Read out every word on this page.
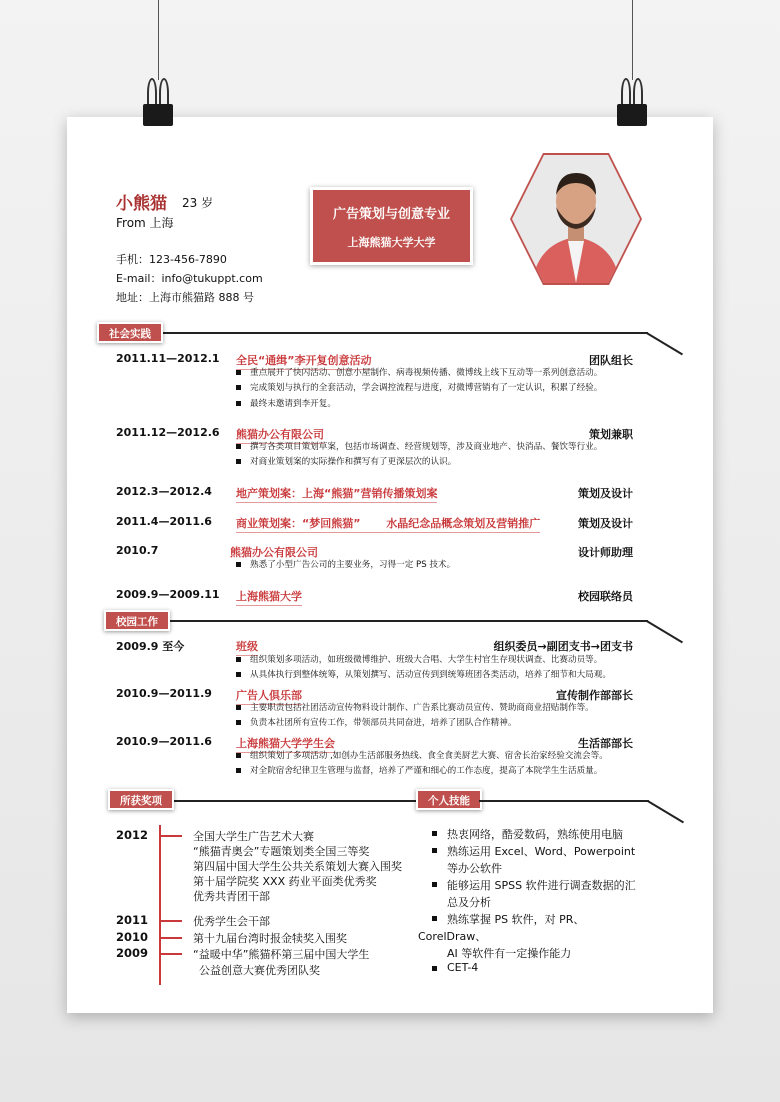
小熊猫 23 岁
From 上海
手机：123-456-7890
E-mail：info@tukuppt.com
地址：上海市熊猫路 888 号
广告策划与创意专业
上海熊猫大学大学
社会实践
2011.11—2012.1 全民“通缉”李开复创意活动	团队组长
重点展开了快闪活动、创意小屋制作、病毒视频传播、微博线上线下互动等一系列创意活动。
完成策划与执行的全套活动，学会调控流程与进度，对微博营销有了一定认识，积累了经验。
最终未邀请到李开复。
2011.12—2012.6 熊猫办公有限公司	策划兼职
撰写各类项目策划草案，包括市场调查、经营规划等，涉及商业地产、快消品、餐饮等行业。
对商业策划案的实际操作和撰写有了更深层次的认识。
2012.3—2012.4 地产策划案：上海“熊猫”营销传播策划案	策划及设计
2011.4—2011.6 商业策划案：“梦回熊猫”　　 水晶纪念品概念策划及营销推广	策划及设计
2010.7	熊猫办公有限公司	设计师助理
熟悉了小型广告公司的主要业务，习得一定 PS 技术。
2009.9—2009.11 上海熊猫大学	校园联络员
校园工作
2009.9 至今	班级	组织委员→副团支书→团支书
组织策划多项活动，如班级微博维护、班级大合唱、大学生村官生存现状调查、比赛动员等。
从具体执行到整体统筹，从策划撰写、活动宣传到到统筹班团各类活动，培养了细节和大局观。
2010.9—2011.9 广告人俱乐部	宣传制作部部长
主要职责包括社团活动宣传物料设计制作、广告系比赛动员宣传、赞助商商业招贴制作等。
负责本社团所有宣传工作，带领部员共同奋进，培养了团队合作精神。
2010.9—2011.6 上海熊猫大学学生会	生活部部长
组织策划了多项活动 ,如创办生活部服务热线、食全食美厨艺大赛、宿舍长治家经验交流会等。
对全院宿舍纪律卫生管理与监督，培养了严谨和细心的工作态度，提高了本院学生生活质量。
所获奖项	个人技能
2012	全国大学生广告艺术大赛
“熊猫青奥会”专题策划类全国三等奖
第四届中国大学生公共关系策划大赛入围奖
第十届学院奖 XXX 药业平面类优秀奖
优秀共青团干部
2011	优秀学生会干部
2010	第十九届台湾时报金犊奖入围奖
2009	“益暖中华”熊猫杯第三届中国大学生
公益创意大赛优秀团队奖
热衷网络，酷爱数码，熟练使用电脑
熟练运用 Excel、Word、Powerpoint
等办公软件
能够运用 SPSS 软件进行调查数据的汇
总及分析
熟练掌握 PS 软件，对 PR、
CorelDraw、
AI 等软件有一定操作能力
CET-4
